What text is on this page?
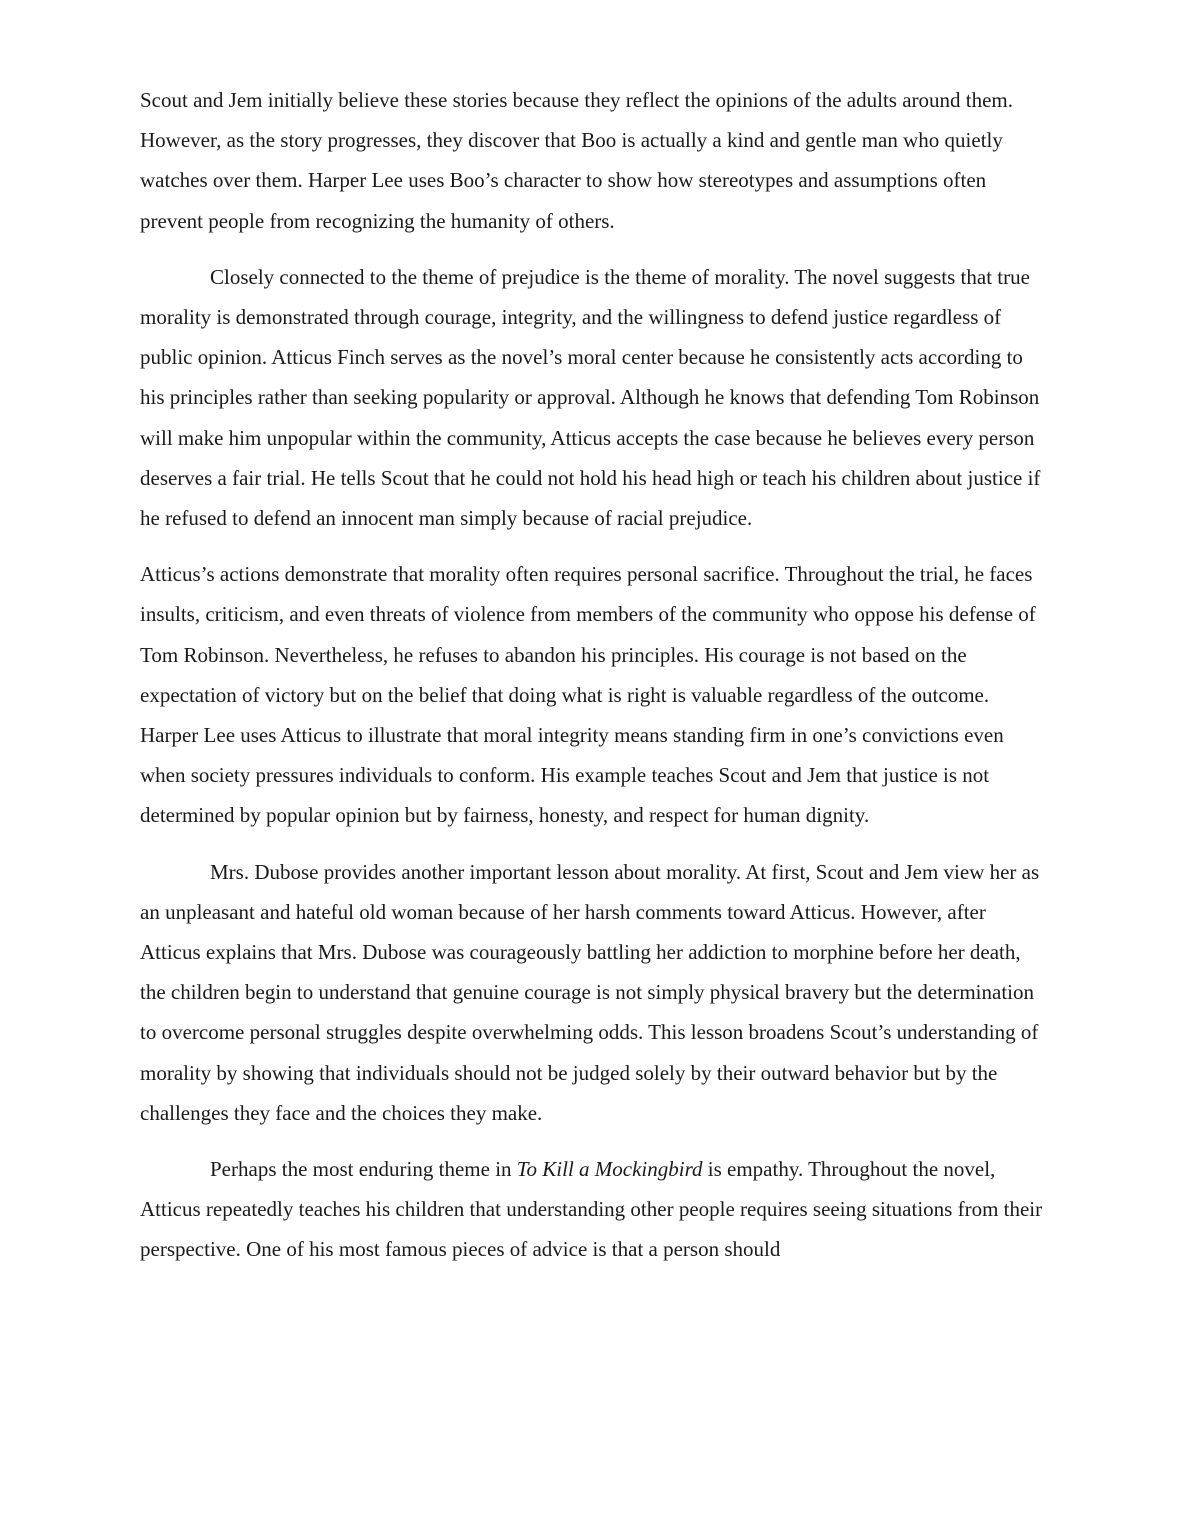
Scout and Jem initially believe these stories because they reflect the opinions of the adults around them. However, as the story progresses, they discover that Boo is actually a kind and gentle man who quietly watches over them. Harper Lee uses Boo’s character to show how stereotypes and assumptions often prevent people from recognizing the humanity of others.

Closely connected to the theme of prejudice is the theme of morality. The novel suggests that true morality is demonstrated through courage, integrity, and the willingness to defend justice regardless of public opinion. Atticus Finch serves as the novel’s moral center because he consistently acts according to his principles rather than seeking popularity or approval. Although he knows that defending Tom Robinson will make him unpopular within the community, Atticus accepts the case because he believes every person deserves a fair trial. He tells Scout that he could not hold his head high or teach his children about justice if he refused to defend an innocent man simply because of racial prejudice.

Atticus’s actions demonstrate that morality often requires personal sacrifice. Throughout the trial, he faces insults, criticism, and even threats of violence from members of the community who oppose his defense of Tom Robinson. Nevertheless, he refuses to abandon his principles. His courage is not based on the expectation of victory but on the belief that doing what is right is valuable regardless of the outcome. Harper Lee uses Atticus to illustrate that moral integrity means standing firm in one’s convictions even when society pressures individuals to conform. His example teaches Scout and Jem that justice is not determined by popular opinion but by fairness, honesty, and respect for human dignity.

Mrs. Dubose provides another important lesson about morality. At first, Scout and Jem view her as an unpleasant and hateful old woman because of her harsh comments toward Atticus. However, after Atticus explains that Mrs. Dubose was courageously battling her addiction to morphine before her death, the children begin to understand that genuine courage is not simply physical bravery but the determination to overcome personal struggles despite overwhelming odds. This lesson broadens Scout’s understanding of morality by showing that individuals should not be judged solely by their outward behavior but by the challenges they face and the choices they make.

Perhaps the most enduring theme in To Kill a Mockingbird is empathy. Throughout the novel, Atticus repeatedly teaches his children that understanding other people requires seeing situations from their perspective. One of his most famous pieces of advice is that a person should
